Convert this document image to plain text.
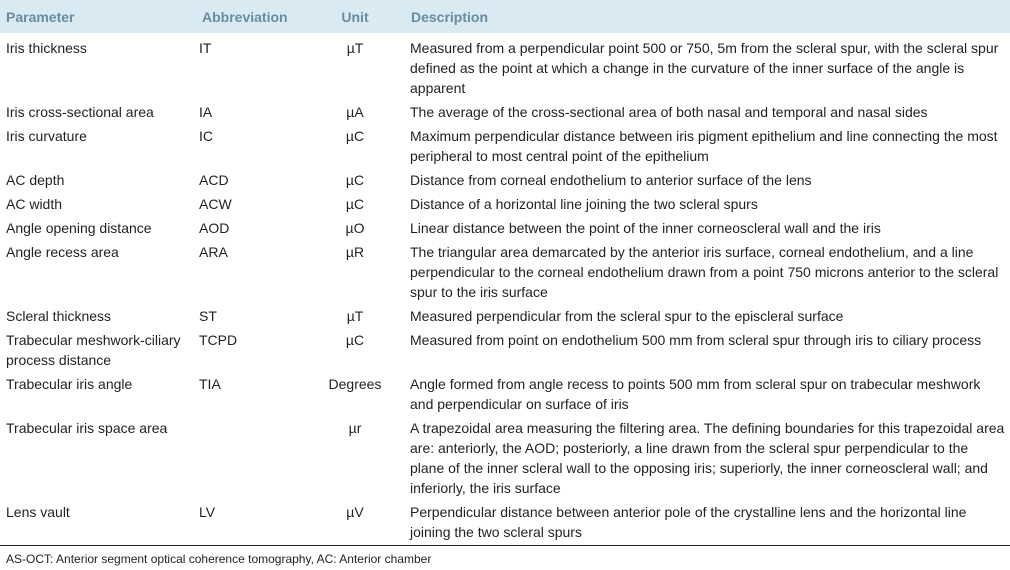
Parameter	Abbreviation	Unit	Description
Iris thickness	IT	µT	Measured from a perpendicular point 500 or 750, 5m from the scleral spur, with the scleral spur defined as the point at which a change in the curvature of the inner surface of the angle is apparent
Iris cross-sectional area	IA	µA	The average of the cross-sectional area of both nasal and temporal and nasal sides
Iris curvature	IC	µC	Maximum perpendicular distance between iris pigment epithelium and line connecting the most peripheral to most central point of the epithelium
AC depth	ACD	µC	Distance from corneal endothelium to anterior surface of the lens
AC width	ACW	µC	Distance of a horizontal line joining the two scleral spurs
Angle opening distance	AOD	µO	Linear distance between the point of the inner corneoscleral wall and the iris
Angle recess area	ARA	µR	The triangular area demarcated by the anterior iris surface, corneal endothelium, and a line perpendicular to the corneal endothelium drawn from a point 750 microns anterior to the scleral spur to the iris surface
Scleral thickness	ST	µT	Measured perpendicular from the scleral spur to the episcleral surface
Trabecular meshwork-ciliary process distance	TCPD	µC	Measured from point on endothelium 500 mm from scleral spur through iris to ciliary process
Trabecular iris angle	TIA	Degrees	Angle formed from angle recess to points 500 mm from scleral spur on trabecular meshwork and perpendicular on surface of iris
Trabecular iris space area		µr	A trapezoidal area measuring the filtering area. The defining boundaries for this trapezoidal area are: anteriorly, the AOD; posteriorly, a line drawn from the scleral spur perpendicular to the plane of the inner scleral wall to the opposing iris; superiorly, the inner corneoscleral wall; and inferiorly, the iris surface
Lens vault	LV	µV	Perpendicular distance between anterior pole of the crystalline lens and the horizontal line joining the two scleral spurs
AS-OCT: Anterior segment optical coherence tomography, AC: Anterior chamber
